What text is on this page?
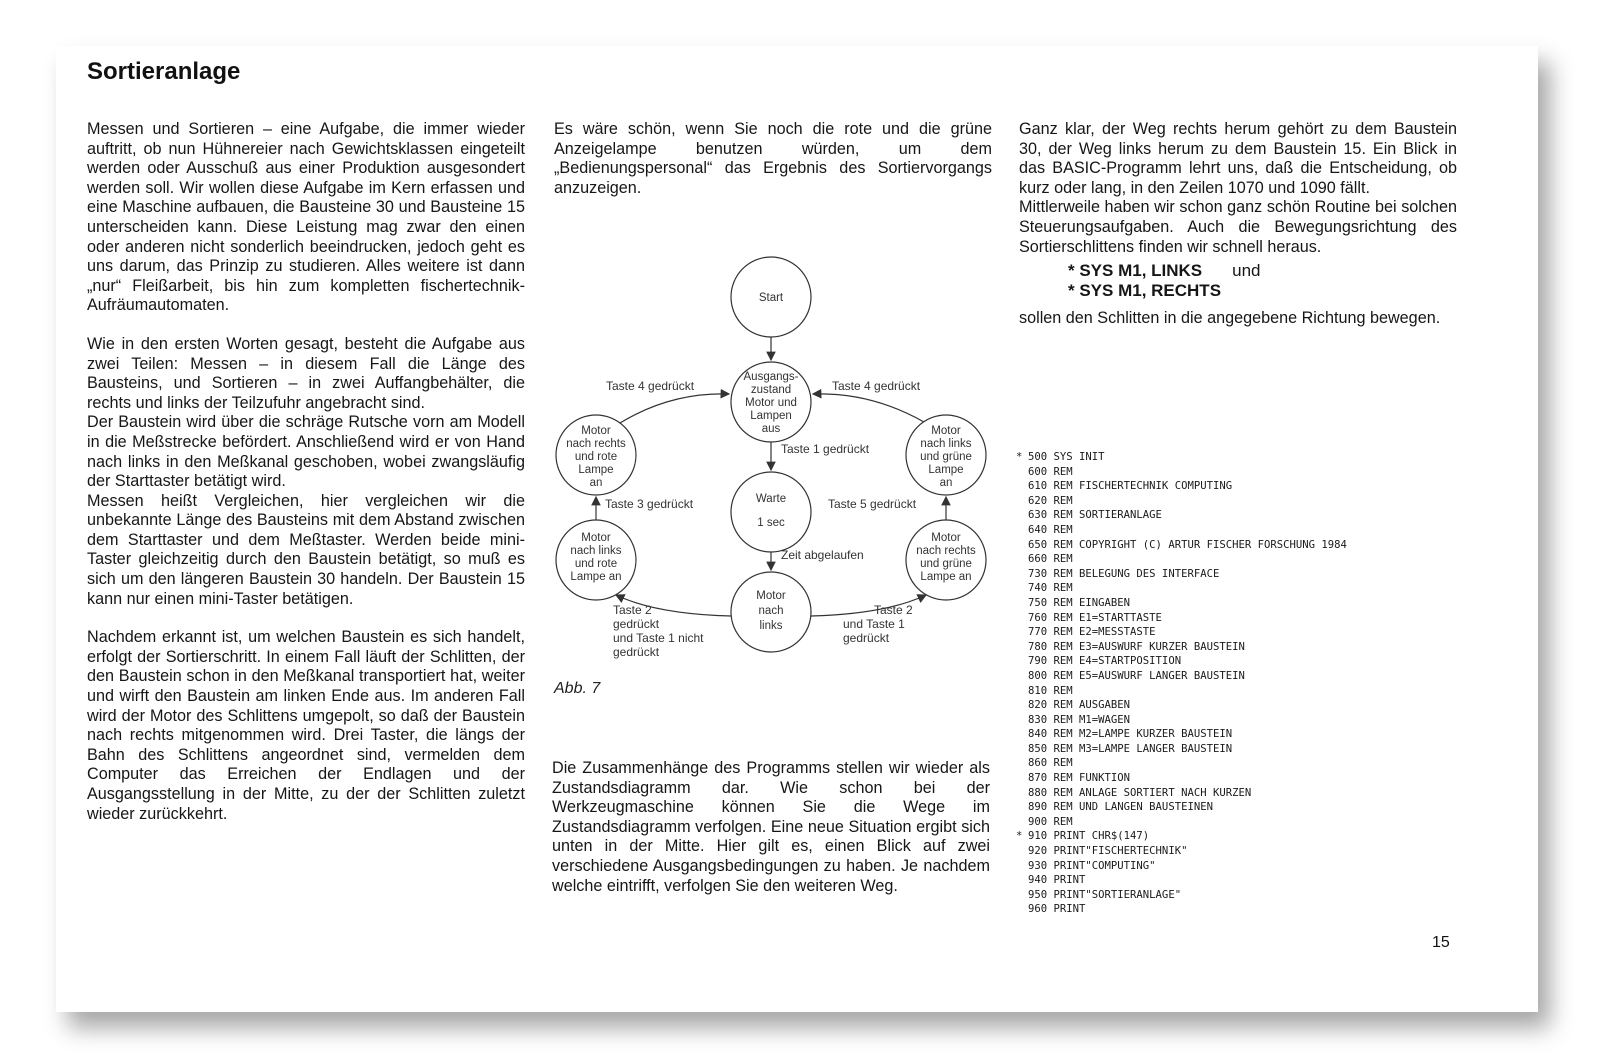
Sortieranlage

Messen und Sortieren – eine Aufgabe, die immer wieder auftritt, ob nun Hühnereier nach Gewichtsklassen eingeteilt werden oder Ausschuß aus einer Produktion ausgesondert werden soll. Wir wollen diese Aufgabe im Kern erfassen und eine Maschine aufbauen, die Bausteine 30 und Bausteine 15 unterscheiden kann. Diese Leistung mag zwar den einen oder anderen nicht sonderlich beeindrucken, jedoch geht es uns darum, das Prinzip zu studieren. Alles weitere ist dann „nur“ Fleißarbeit, bis hin zum kompletten fischertechnik-Aufräumautomaten.

Wie in den ersten Worten gesagt, besteht die Aufgabe aus zwei Teilen: Messen – in diesem Fall die Länge des Bausteins, und Sortieren – in zwei Auffangbehälter, die rechts und links der Teilzufuhr angebracht sind.

Der Baustein wird über die schräge Rutsche vorn am Modell in die Meßstrecke befördert. Anschließend wird er von Hand nach links in den Meßkanal geschoben, wobei zwangsläufig der Starttaster betätigt wird.

Messen heißt Vergleichen, hier vergleichen wir die unbekannte Länge des Bausteins mit dem Abstand zwischen dem Starttaster und dem Meßtaster. Werden beide mini-Taster gleichzeitig durch den Baustein betätigt, so muß es sich um den längeren Baustein 30 handeln. Der Baustein 15 kann nur einen mini-Taster betätigen.

Nachdem erkannt ist, um welchen Baustein es sich handelt, erfolgt der Sortierschritt. In einem Fall läuft der Schlitten, der den Baustein schon in den Meßkanal transportiert hat, weiter und wirft den Baustein am linken Ende aus. Im anderen Fall wird der Motor des Schlittens umgepolt, so daß der Baustein nach rechts mitgenommen wird. Drei Taster, die längs der Bahn des Schlittens angeordnet sind, vermelden dem Computer das Erreichen der Endlagen und der Ausgangsstellung in der Mitte, zu der der Schlitten zuletzt wieder zurückkehrt.

Es wäre schön, wenn Sie noch die rote und die grüne Anzeigelampe benutzen würden, um dem „Bedienungspersonal“ das Ergebnis des Sortiervorgangs anzuzeigen.

Start
Ausgangs-
zustand
Motor und
Lampen
aus
Warte
1 sec
Motor
nach
links
Motor
nach rechts
und rote
Lampe
an
Motor
nach links
und grüne
Lampe
an
Motor
nach links
und rote
Lampe an
Motor
nach rechts
und grüne
Lampe an
Taste 4 gedrückt	Taste 4 gedrückt
Taste 1 gedrückt
Taste 3 gedrückt	Taste 5 gedrückt
Zeit abgelaufen
Taste 2
gedrückt
und Taste 1 nicht
gedrückt
Taste 2
und Taste 1
gedrückt
Abb. 7

Die Zusammenhänge des Programms stellen wir wieder als Zustandsdiagramm dar. Wie schon bei der Werkzeugmaschine können Sie die Wege im Zustandsdiagramm verfolgen. Eine neue Situation ergibt sich unten in der Mitte. Hier gilt es, einen Blick auf zwei verschiedene Ausgangsbedingungen zu haben. Je nachdem welche eintrifft, verfolgen Sie den weiteren Weg.

Ganz klar, der Weg rechts herum gehört zu dem Baustein 30, der Weg links herum zu dem Baustein 15. Ein Blick in das BASIC-Programm lehrt uns, daß die Entscheidung, ob kurz oder lang, in den Zeilen 1070 und 1090 fällt.

Mittlerweile haben wir schon ganz schön Routine bei solchen Steuerungsaufgaben. Auch die Bewegungsrichtung des Sortierschlittens finden wir schnell heraus.

* SYS M1, LINKS und
* SYS M1, RECHTS

sollen den Schlitten in die angegebene Richtung bewegen.

* 500 SYS INIT
600 REM
610 REM FISCHERTECHNIK COMPUTING
620 REM
630 REM SORTIERANLAGE
640 REM
650 REM COPYRIGHT (C) ARTUR FISCHER FORSCHUNG 1984
660 REM
730 REM BELEGUNG DES INTERFACE
740 REM
750 REM EINGABEN
760 REM E1=STARTTASTE
770 REM E2=MESSTASTE
780 REM E3=AUSWURF KURZER BAUSTEIN
790 REM E4=STARTPOSITION
800 REM E5=AUSWURF LANGER BAUSTEIN
810 REM
820 REM AUSGABEN
830 REM M1=WAGEN
840 REM M2=LAMPE KURZER BAUSTEIN
850 REM M3=LAMPE LANGER BAUSTEIN
860 REM
870 REM FUNKTION
880 REM ANLAGE SORTIERT NACH KURZEN
890 REM UND LANGEN BAUSTEINEN
900 REM
* 910 PRINT CHR$(147)
920 PRINT"FISCHERTECHNIK"
930 PRINT"COMPUTING"
940 PRINT
950 PRINT"SORTIERANLAGE"
960 PRINT
15
